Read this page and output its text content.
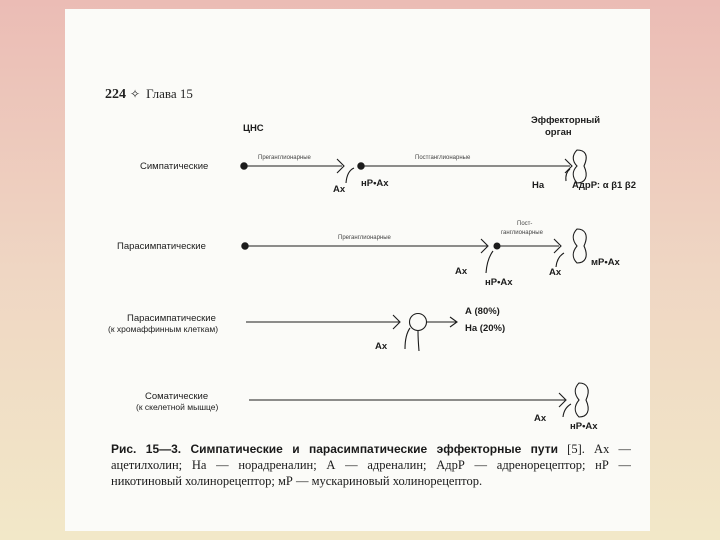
224 ✧ Глава 15
ЦНС
Эффекторный
орган
Симпатические
Преганглионарные	Постганглионарные
Ах
нР•Ах	На	АдрР: α β1 β2
Парасимпатические
Преганглионарные
Пост-
ганглионарные
Ах
нР•Ах
Ах
мР•Ах
Парасимпатические
(к хромаффинным клеткам)
А (80%)
На (20%)
Ах
Соматические
(к скелетной мышце)
Ах
нР•Ах
Рис. 15—3. Симпатические и парасимпатические эффекторные пути [5]. Ах — ацетилхолин; На — норадреналин; А — адреналин; АдрР — адренорецептор; нР — никотиновый холинорецептор; мР — мускариновый холинорецептор.
